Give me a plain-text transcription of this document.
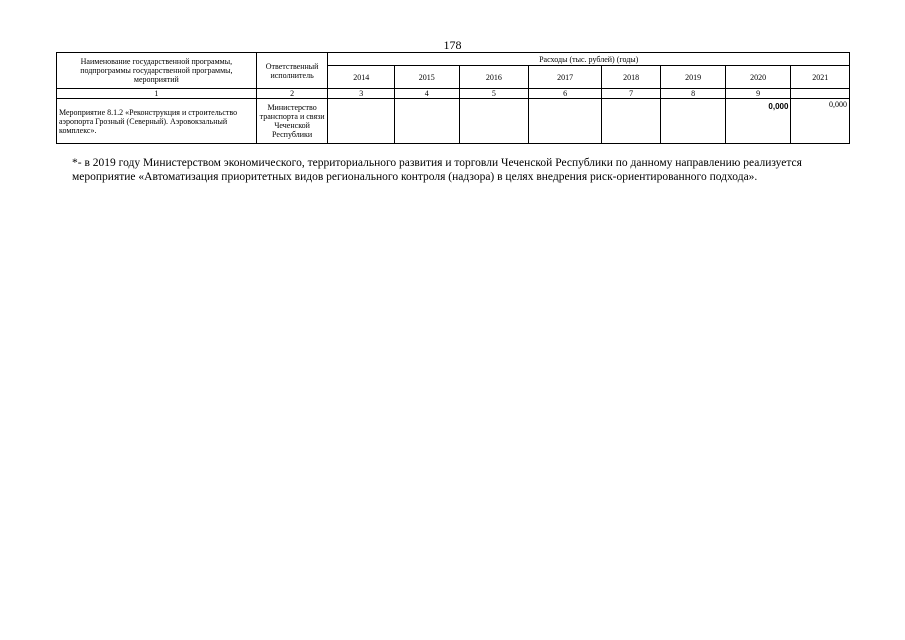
178
Наименование государственной программы, подпрограммы государственной программы, мероприятий	Ответственный исполнитель	Расходы (тыс. рублей) (годы)							
		2014	2015	2016	2017	2018	2019	2020	2021
1	2	3	4	5	6	7	8	9	
Мероприятие 8.1.2 «Реконструкция и строительство аэропорта Грозный (Северный). Аэровокзальный комплекс».	Министерство транспорта и связи Чеченской Республики							0,000	0,000
*- в 2019 году Министерством экономического, территориального развития и торговли Чеченской Республики по данному направлению реализуется мероприятие «Автоматизация приоритетных видов регионального контроля (надзора) в целях внедрения риск-ориентированного подхода».
